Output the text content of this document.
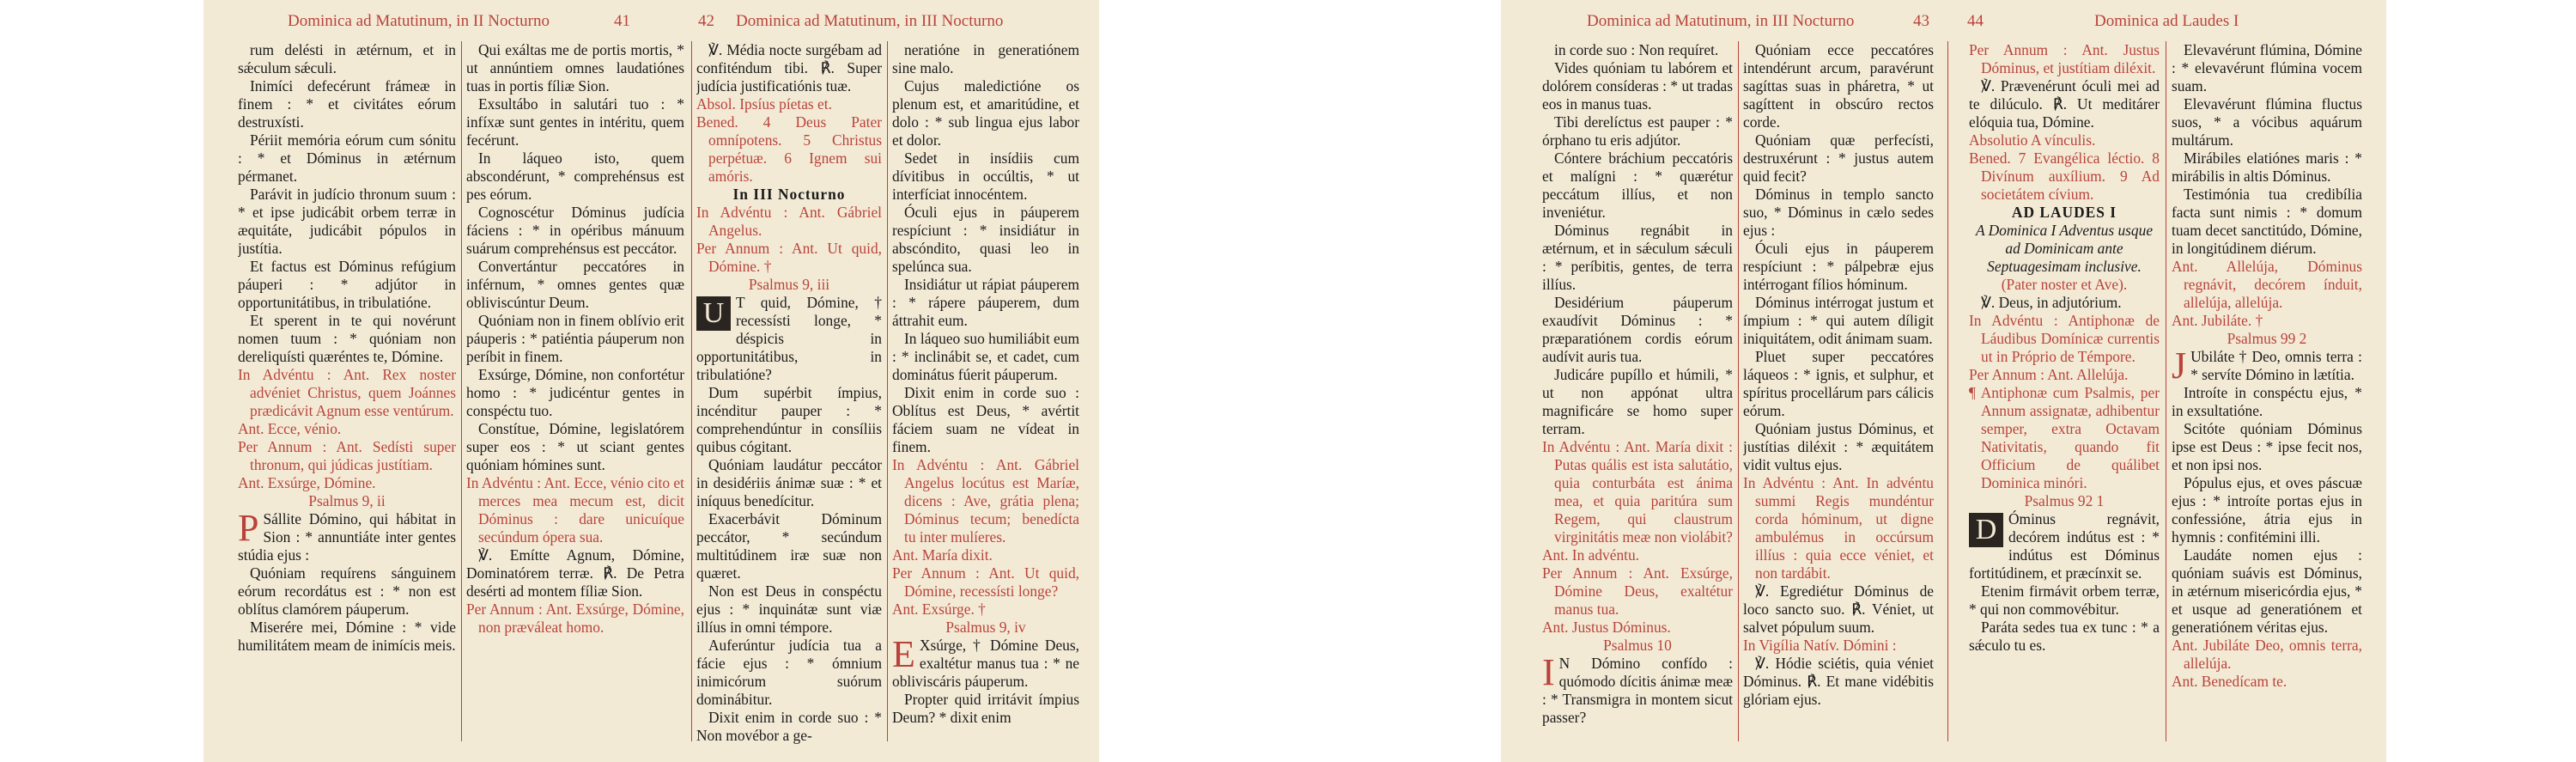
Dominica ad Matutinum, in II Nocturno	41

rum delésti in ætérnum, et in sǽculum sǽculi.

Inimíci defecérunt frámeæ in finem : * et civitátes eórum destruxísti.

Périit memória eórum cum sónitu : * et Dóminus in ætérnum pérmanet.

Parávit in judício thronum suum : * et ipse judicábit orbem terræ in æquitáte, judicábit pópulos in justítia.

Et factus est Dóminus refúgium páuperi : * adjútor in opportunitátibus, in tribulatióne.

Et sperent in te qui novérunt nomen tuum : * quóniam non dereliquísti quæréntes te, Dómine.

In Advéntu : Ant. Rex noster advéniet Christus, quem Joánnes prædicávit Agnum esse ventúrum.

Ant. Ecce, vénio.

Per Annum : Ant. Sedísti super thronum, qui júdicas justítiam.

Ant. Exsúrge, Dómine.

Psalmus 9, ii

P Sállite Dómino, qui hábitat in Sion : * annuntiáte inter gentes stúdia ejus :

Quóniam requírens sánguinem eórum recordátus est : * non est oblítus clamórem páuperum.

Miserére mei, Dómine : * vide humilitátem meam de inimícis meis.

Qui exáltas me de portis mortis, * ut annúntiem omnes laudatiónes tuas in portis fíliæ Sion.

Exsultábo in salutári tuo : * infíxæ sunt gentes in intéritu, quem fecérunt.

In láqueo isto, quem abscondérunt, * comprehénsus est pes eórum.

Cognoscétur Dóminus judícia fáciens : * in opéribus mánuum suárum comprehénsus est peccátor.

Convertántur peccatóres in inférnum, * omnes gentes quæ obliviscúntur Deum.

Quóniam non in finem oblívio erit páuperis : * patiéntia páuperum non períbit in finem.

Exsúrge, Dómine, non confortétur homo : * judicéntur gentes in conspéctu tuo.

Constítue, Dómine, legislatórem super eos : * ut sciant gentes quóniam hómines sunt.

In Advéntu : Ant. Ecce, vénio cito et merces mea mecum est, dicit Dóminus : dare unicuíque secúndum ópera sua.

℣. Emítte Agnum, Dómine, Dominatórem terræ. ℟. De Petra desérti ad montem fíliæ Sion.

Per Annum : Ant. Exsúrge, Dómine, non præváleat homo.

42 Dominica ad Matutinum, in III Nocturno

℣. Média nocte surgébam ad confiténdum tibi. ℟. Super judícia justificatiónis tuæ.

Absol. Ipsíus píetas et.

Bened. 4 Deus Pater omnípotens. 5 Christus perpétuæ. 6 Ignem sui amóris.

In III Nocturno

In Advéntu : Ant. Gábriel Angelus.

Per Annum : Ant. Ut quid, Dómine. †

Psalmus 9, iii

U T quid, Dómine, † recessísti longe, * déspicis in opportunitátibus, in tribulatióne?

Dum supérbit ímpius, incénditur pauper : * comprehendúntur in consíliis quibus cógitant.

Quóniam laudátur peccátor in desidériis ánimæ suæ : * et iníquus benedícitur.

Exacerbávit Dóminum peccátor, * secúndum multitúdinem iræ suæ non quæret.

Non est Deus in conspéctu ejus : * inquinátæ sunt viæ illíus in omni témpore.

Auferúntur judícia tua a fácie ejus : * ómnium inimicórum suórum dominábitur.

Dixit enim in corde suo : * Non movébor a ge-

neratióne in generatiónem sine malo.

Cujus maledictióne os plenum est, et amaritúdine, et dolo : * sub lingua ejus labor et dolor.

Sedet in insídiis cum dívitibus in occúltis, * ut interfíciat innocéntem.

Óculi ejus in páuperem respíciunt : * insidiátur in abscóndito, quasi leo in spelúnca sua.

Insidiátur ut rápiat páuperem : * rápere páuperem, dum áttrahit eum.

In láqueo suo humiliábit eum : * inclinábit se, et cadet, cum dominátus fúerit páuperum.

Dixit enim in corde suo : Oblítus est Deus, * avértit fáciem suam ne vídeat in finem.

In Advéntu : Ant. Gábriel Angelus locútus est Maríæ, dicens : Ave, grátia plena; Dóminus tecum; benedícta tu inter mulíeres.

Ant. María dixit.

Per Annum : Ant. Ut quid, Dómine, recessísti longe?

Ant. Exsúrge. †

Psalmus 9, iv

E Xsúrge, † Dómine Deus, exaltétur manus tua : * ne obliviscáris páuperum.

Propter quid irritávit ímpius Deum? * dixit enim

Dominica ad Matutinum, in III Nocturno	43

in corde suo : Non requíret.

Vides quóniam tu labórem et dolórem consíderas : * ut tradas eos in manus tuas.

Tibi derelíctus est pauper : * órphano tu eris adjútor.

Cóntere bráchium peccatóris et malígni : * quærétur peccátum illíus, et non inveniétur.

Dóminus regnábit in ætérnum, et in sǽculum sǽculi : * períbitis, gentes, de terra illíus.

Desidérium páuperum exaudívit Dóminus : * præparatiónem cordis eórum audívit auris tua.

Judicáre pupíllo et húmili, * ut non appónat ultra magnificáre se homo super terram.

In Advéntu : Ant. María dixit : Putas quális est ista salutátio, quia conturbáta est ánima mea, et quia paritúra sum Regem, qui claustrum virginitátis meæ non violábit?

Ant. In advéntu.

Per Annum : Ant. Exsúrge, Dómine Deus, exaltétur manus tua.

Ant. Justus Dóminus.

Psalmus 10

I N Dómino confído : quómodo dícitis ánimæ meæ : * Transmigra in montem sicut passer?

Quóniam ecce peccatóres intendérunt arcum, paravérunt sagíttas suas in pháretra, * ut sagíttent in obscúro rectos corde.

Quóniam quæ perfecísti, destruxérunt : * justus autem quid fecit?

Dóminus in templo sancto suo, * Dóminus in cælo sedes ejus :

Óculi ejus in páuperem respíciunt : * pálpebræ ejus intérrogant fílios hóminum.

Dóminus intérrogat justum et ímpium : * qui autem díligit iniquitátem, odit ánimam suam.

Pluet super peccatóres láqueos : * ignis, et sulphur, et spíritus procellárum pars cálicis eórum.

Quóniam justus Dóminus, et justítias diléxit : * æquitátem vidit vultus ejus.

In Advéntu : Ant. In advéntu summi Regis mundéntur corda hóminum, ut digne ambulémus in occúrsum illíus : quia ecce véniet, et non tardábit.

℣. Egrediétur Dóminus de loco sancto suo. ℟. Véniet, ut salvet pópulum suum.

In Vigília Natív. Dómini :

℣. Hódie sciétis, quia véniet Dóminus. ℟. Et mane vidébitis glóriam ejus.

44	Dominica ad Laudes I

Per Annum : Ant. Justus Dóminus, et justítiam diléxit.

℣. Prævenérunt óculi mei ad te dilúculo. ℟. Ut meditárer elóquia tua, Dómine.

Absolutio A vínculis.

Bened. 7 Evangélica léctio. 8 Divínum auxílium. 9 Ad societátem cívium.

AD LAUDES I

A Dominica I Adventus usque ad Dominicam ante Septuagesimam inclusive.

(Pater noster et Ave).

℣. Deus, in adjutórium.

In Advéntu : Antiphonæ de Láudibus Domínicæ currentis ut in Próprio de Témpore.

Per Annum : Ant. Allelúja.

¶ Antiphonæ cum Psalmis, per Annum assignatæ, adhibentur semper, extra Octavam Nativitatis, quando fit Officium de quálibet Dominica minóri.

Psalmus 92 1

D Óminus regnávit, decórem indútus est : * indútus est Dóminus fortitúdinem, et præcínxit se.

Etenim firmávit orbem terræ, * qui non commovébitur.

Paráta sedes tua ex tunc : * a sǽculo tu es.

Elevavérunt flúmina, Dómine : * elevavérunt flúmina vocem suam.

Elevavérunt flúmina fluctus suos, * a vócibus aquárum multárum.

Mirábiles elatiónes maris : * mirábilis in altis Dóminus.

Testimónia tua credibília facta sunt nimis : * domum tuam decet sanctitúdo, Dómine, in longitúdinem diérum.

Ant. Allelúja, Dóminus regnávit, decórem índuit, allelúja, allelúja.

Ant. Jubiláte. †

Psalmus 99 2

J Ubiláte † Deo, omnis terra : * servíte Dómino in lætítia.

Introíte in conspéctu ejus, * in exsultatióne.

Scitóte quóniam Dóminus ipse est Deus : * ipse fecit nos, et non ipsi nos.

Pópulus ejus, et oves páscuæ ejus : * introíte portas ejus in confessióne, átria ejus in hymnis : confitémini illi.

Laudáte nomen ejus : quóniam suávis est Dóminus, in ætérnum misericórdia ejus, * et usque ad generatiónem et generatiónem véritas ejus.

Ant. Jubiláte Deo, omnis terra, allelúja.

Ant. Benedícam te.
